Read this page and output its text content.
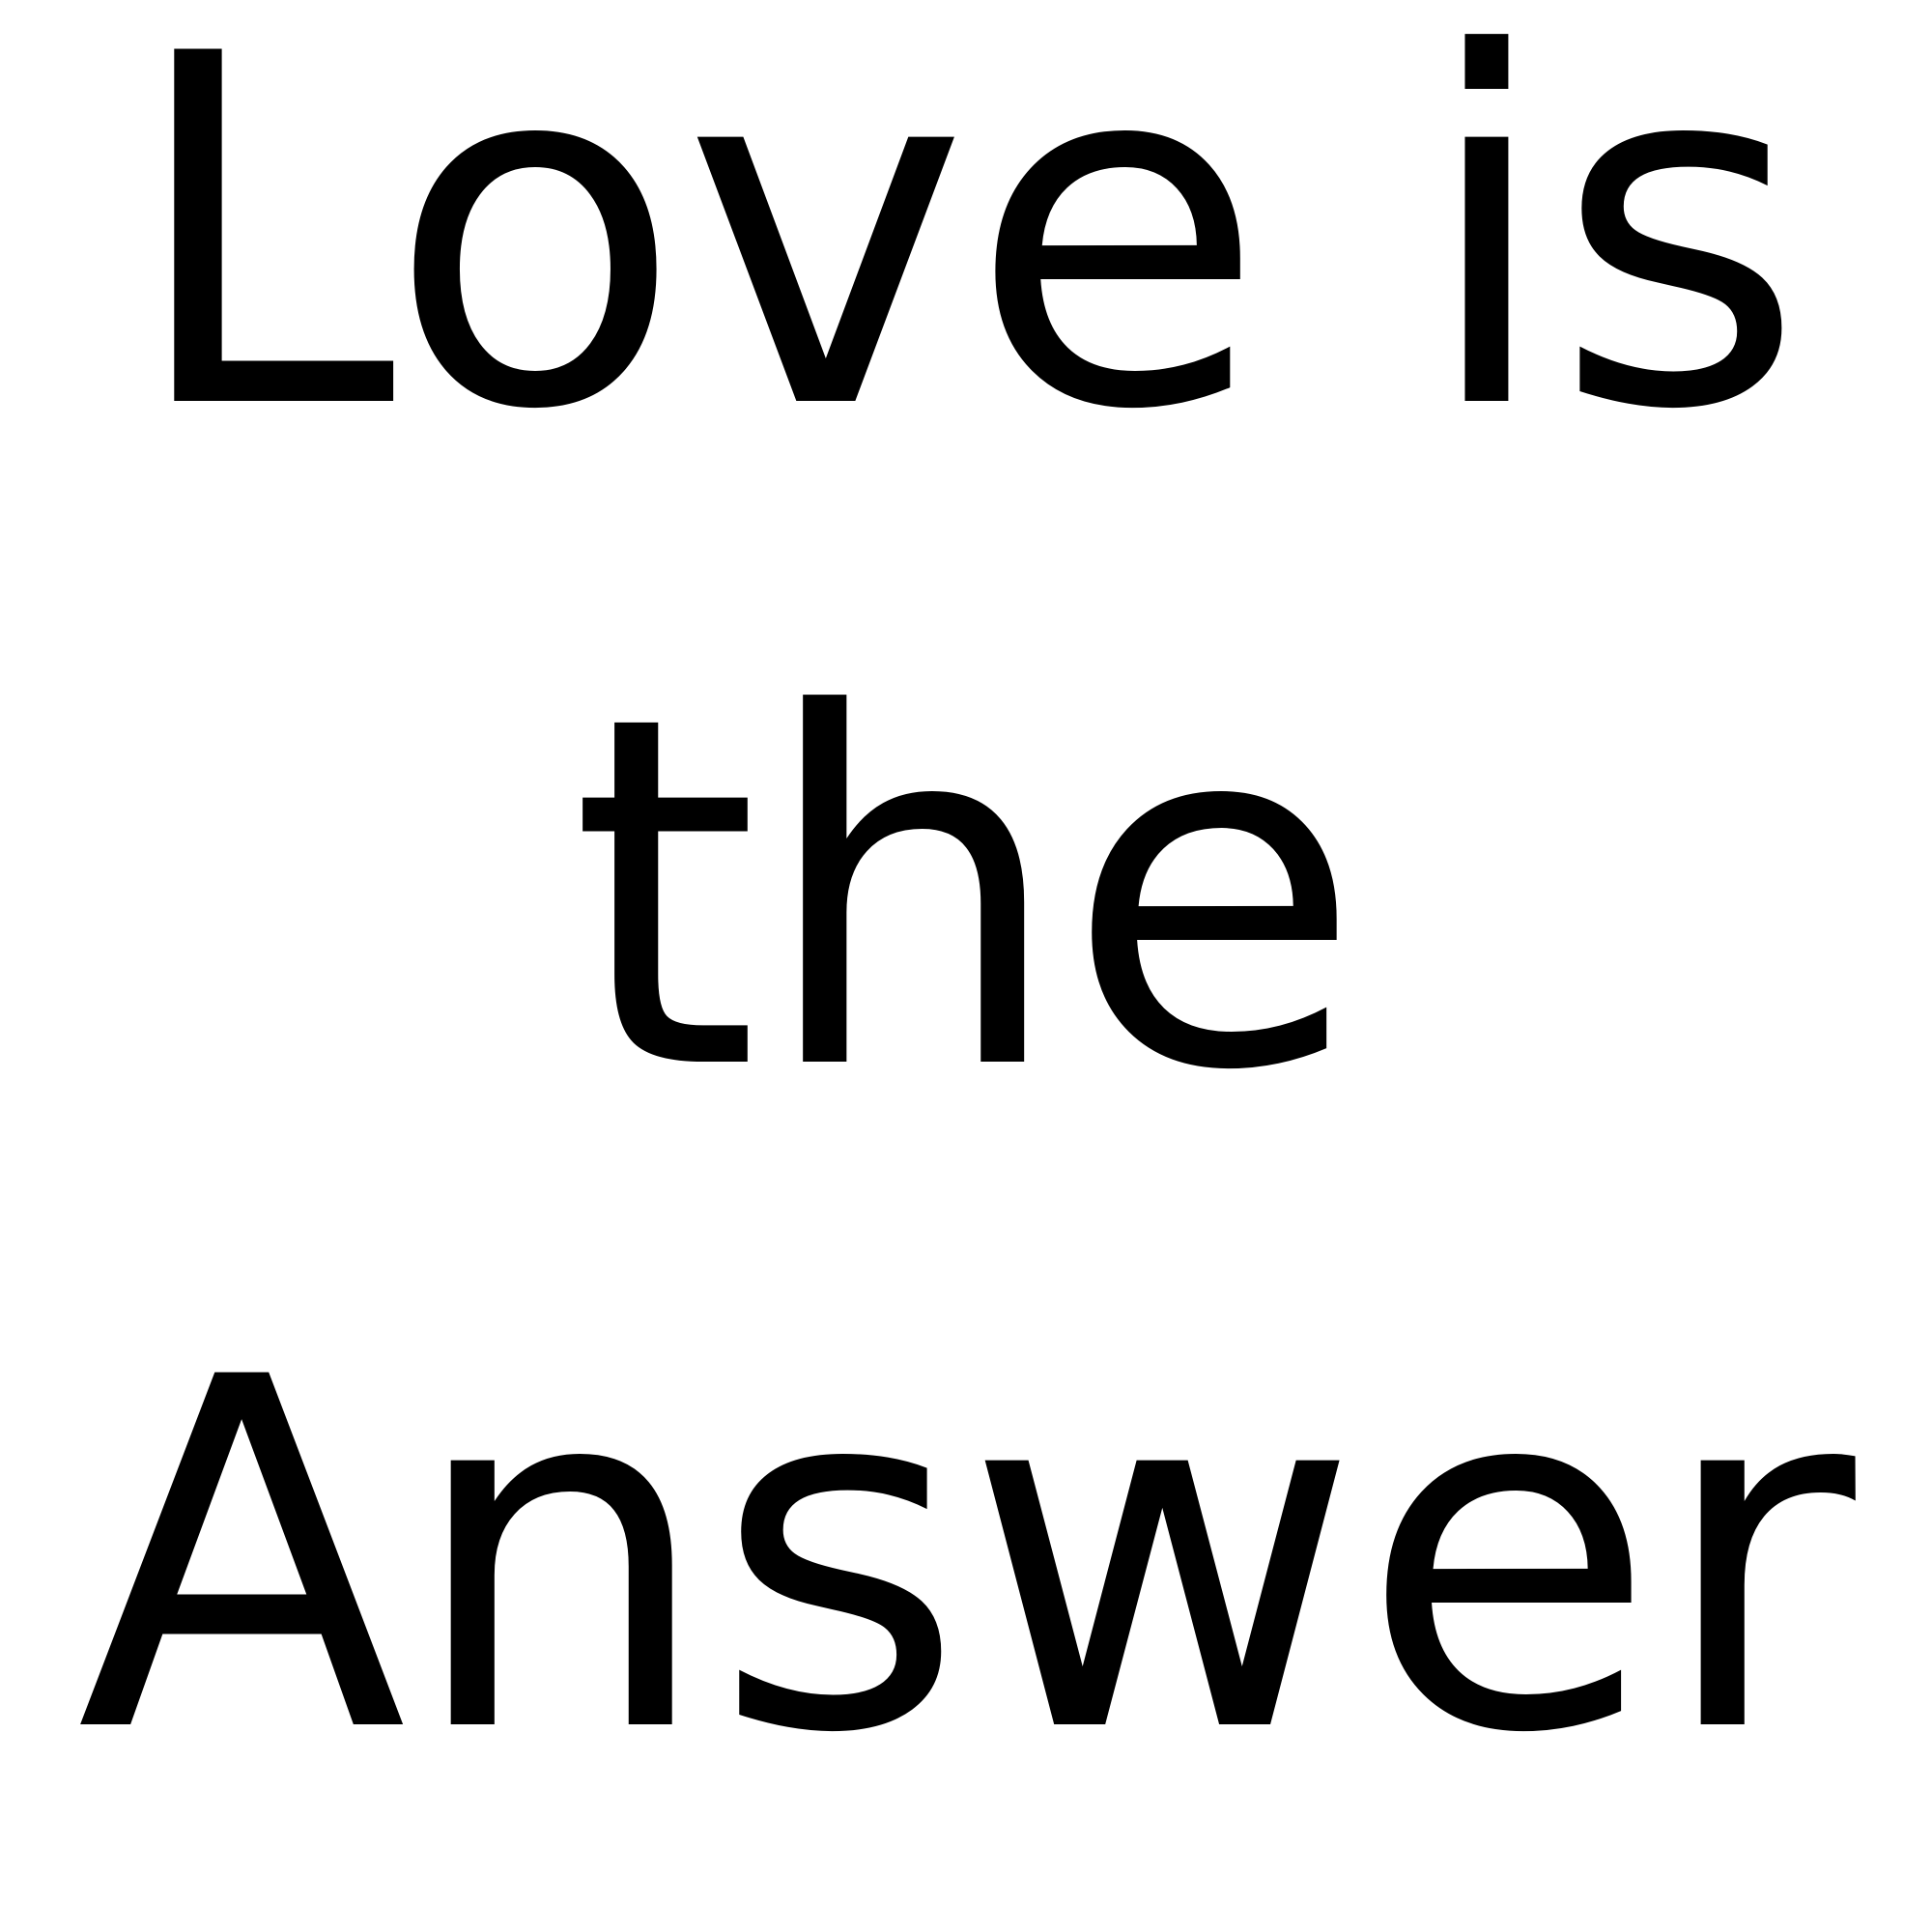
Love is
the
Answer
